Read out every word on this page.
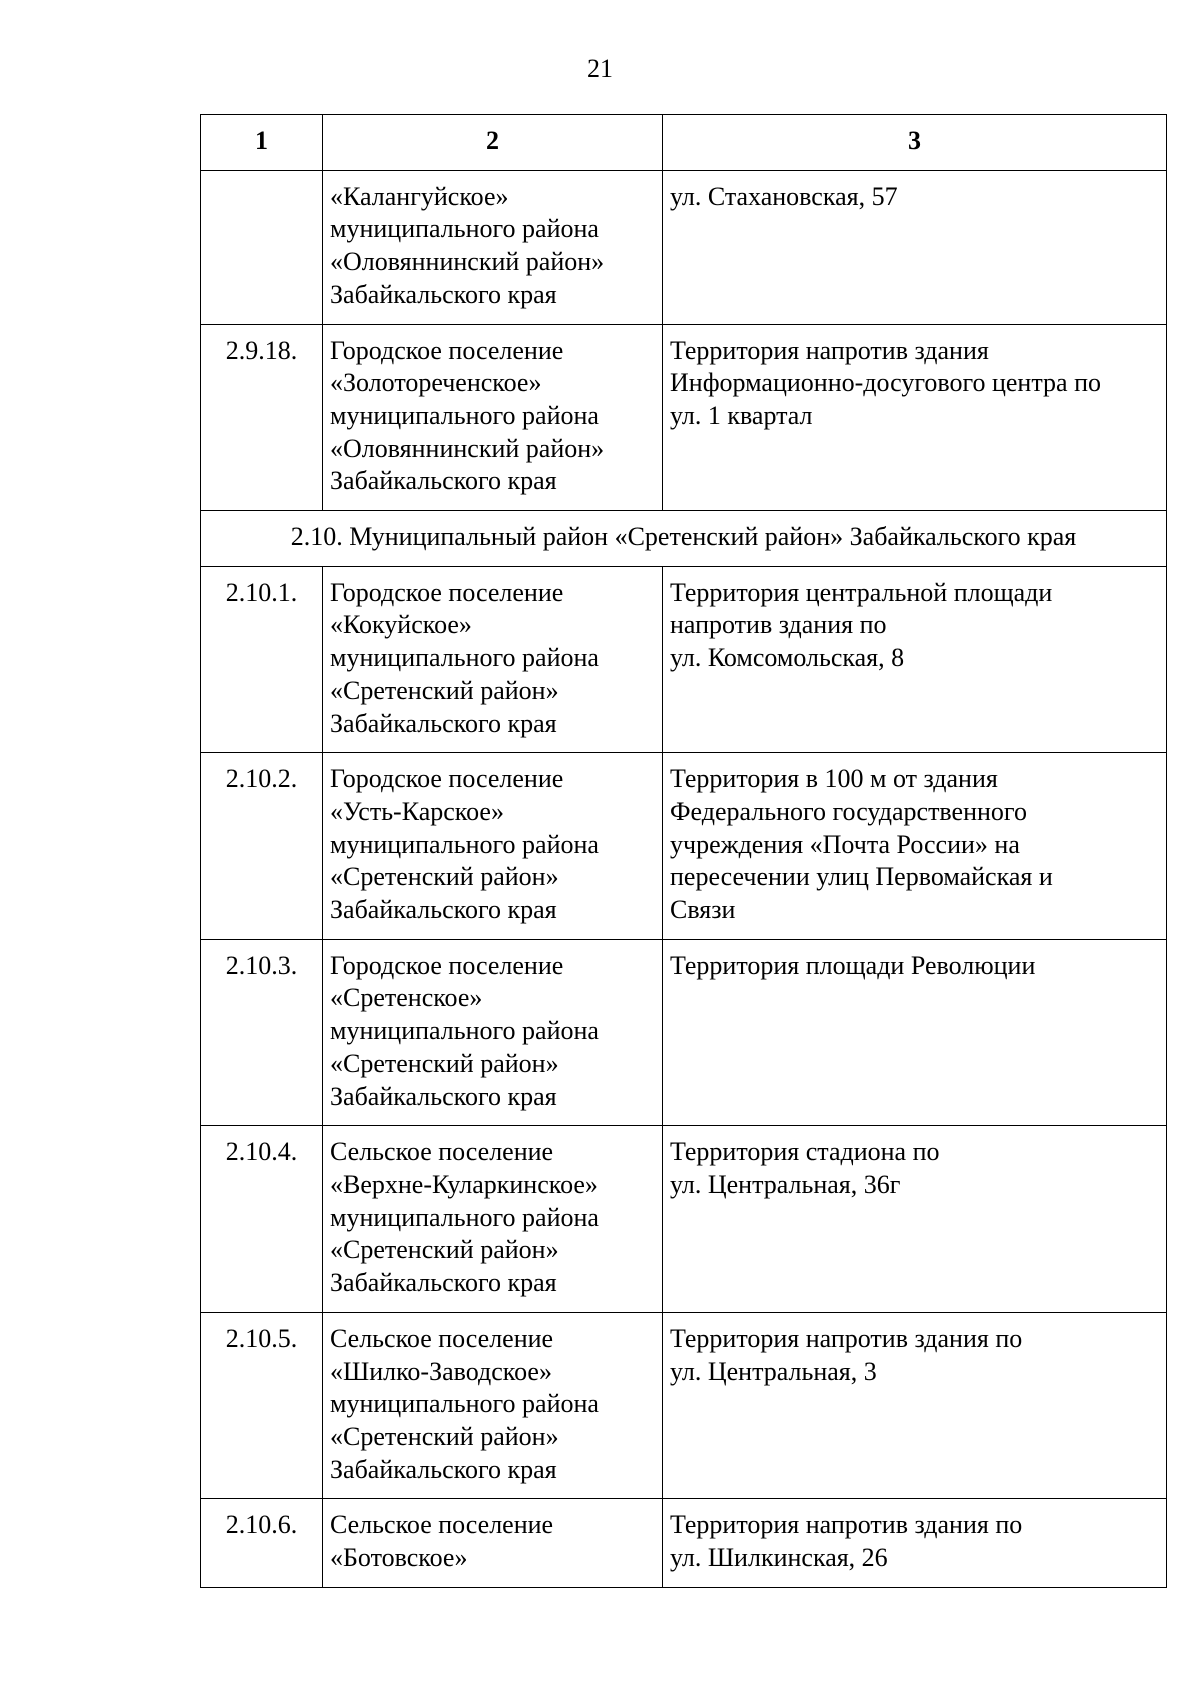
21
1	2	3

	«Калангуйское»
муниципального района
«Оловяннинский район»
Забайкальского края	ул. Стахановская, 57

2.9.18.	Городское поселение
«Золотореченское»
муниципального района
«Оловяннинский район»
Забайкальского края	Территория напротив здания
Информационно-досугового центра по
ул. 1 квартал

2.10. Муниципальный район «Сретенский район» Забайкальского края		
2.10.1.	Городское поселение
«Кокуйское»
муниципального района
«Сретенский район»
Забайкальского края	Территория центральной площади
напротив здания по
ул. Комсомольская, 8

2.10.2.	Городское поселение
«Усть-Карское»
муниципального района
«Сретенский район»
Забайкальского края	Территория в 100 м от здания
Федерального государственного
учреждения «Почта России» на
пересечении улиц Первомайская и
Связи

2.10.3.	Городское поселение
«Сретенское»
муниципального района
«Сретенский район»
Забайкальского края	Территория площади Революции

2.10.4.	Сельское поселение
«Верхне-Куларкинское»
муниципального района
«Сретенский район»
Забайкальского края	Территория стадиона по
ул. Центральная, 36г

2.10.5.	Сельское поселение
«Шилко-Заводское»
муниципального района
«Сретенский район»
Забайкальского края	Территория напротив здания по
ул. Центральная, 3

2.10.6.	Сельское поселение
«Ботовское»	Территория напротив здания по
ул. Шилкинская, 26
